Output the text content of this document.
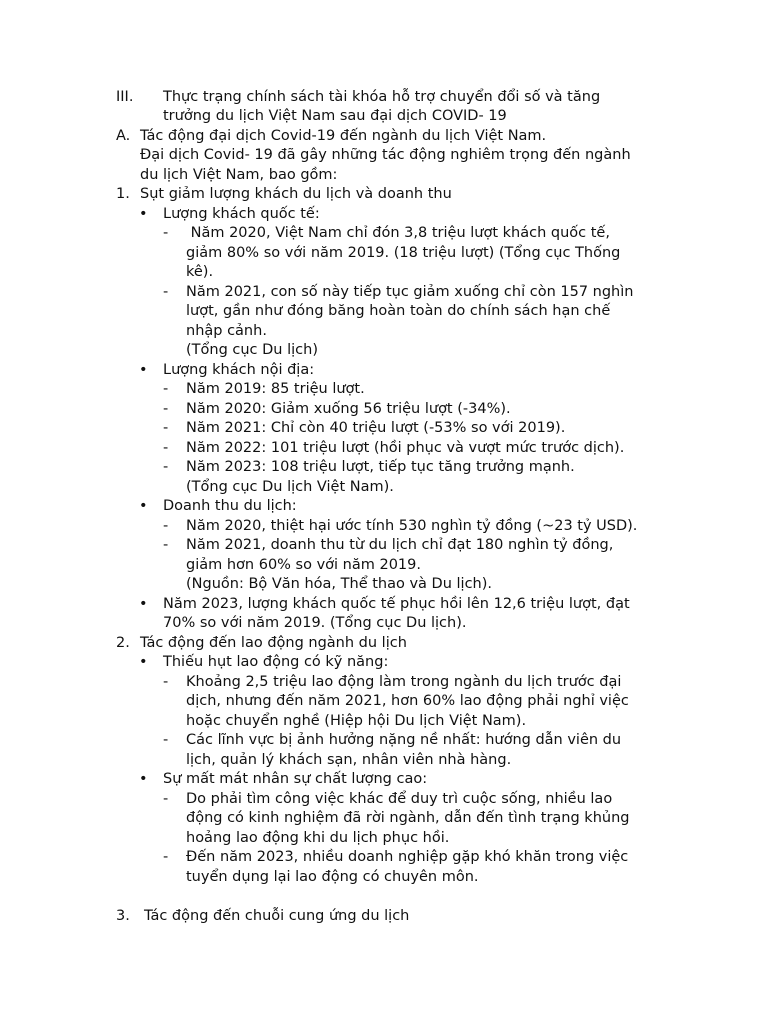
III. Thực trạng chính sách tài khóa hỗ trợ chuyển đổi số và tăng
trưởng du lịch Việt Nam sau đại dịch COVID- 19
A. Tác động đại dịch Covid-19 đến ngành du lịch Việt Nam.
Đại dịch Covid- 19 đã gây những tác động nghiêm trọng đến ngành
du lịch Việt Nam, bao gồm:
1. Sụt giảm lượng khách du lịch và doanh thu
• Lượng khách quốc tế:
- Năm 2020, Việt Nam chỉ đón 3,8 triệu lượt khách quốc tế,
giảm 80% so với năm 2019. (18 triệu lượt) (Tổng cục Thống
kê).
- Năm 2021, con số này tiếp tục giảm xuống chỉ còn 157 nghìn
lượt, gần như đóng băng hoàn toàn do chính sách hạn chế
nhập cảnh.
(Tổng cục Du lịch)
• Lượng khách nội địa:
- Năm 2019: 85 triệu lượt.
- Năm 2020: Giảm xuống 56 triệu lượt (-34%).
- Năm 2021: Chỉ còn 40 triệu lượt (-53% so với 2019).
- Năm 2022: 101 triệu lượt (hồi phục và vượt mức trước dịch).
- Năm 2023: 108 triệu lượt, tiếp tục tăng trưởng mạnh.
(Tổng cục Du lịch Việt Nam).
• Doanh thu du lịch:
- Năm 2020, thiệt hại ước tính 530 nghìn tỷ đồng (~23 tỷ USD).
- Năm 2021, doanh thu từ du lịch chỉ đạt 180 nghìn tỷ đồng,
giảm hơn 60% so với năm 2019.
(Nguồn: Bộ Văn hóa, Thể thao và Du lịch).
• Năm 2023, lượng khách quốc tế phục hồi lên 12,6 triệu lượt, đạt
70% so với năm 2019. (Tổng cục Du lịch).
2. Tác động đến lao động ngành du lịch
• Thiếu hụt lao động có kỹ năng:
- Khoảng 2,5 triệu lao động làm trong ngành du lịch trước đại
dịch, nhưng đến năm 2021, hơn 60% lao động phải nghỉ việc
hoặc chuyển nghề (Hiệp hội Du lịch Việt Nam).
- Các lĩnh vực bị ảnh hưởng nặng nề nhất: hướng dẫn viên du
lịch, quản lý khách sạn, nhân viên nhà hàng.
• Sự mất mát nhân sự chất lượng cao:
- Do phải tìm công việc khác để duy trì cuộc sống, nhiều lao
động có kinh nghiệm đã rời ngành, dẫn đến tình trạng khủng
hoảng lao động khi du lịch phục hồi.
- Đến năm 2023, nhiều doanh nghiệp gặp khó khăn trong việc
tuyển dụng lại lao động có chuyên môn.
3. Tác động đến chuỗi cung ứng du lịch
